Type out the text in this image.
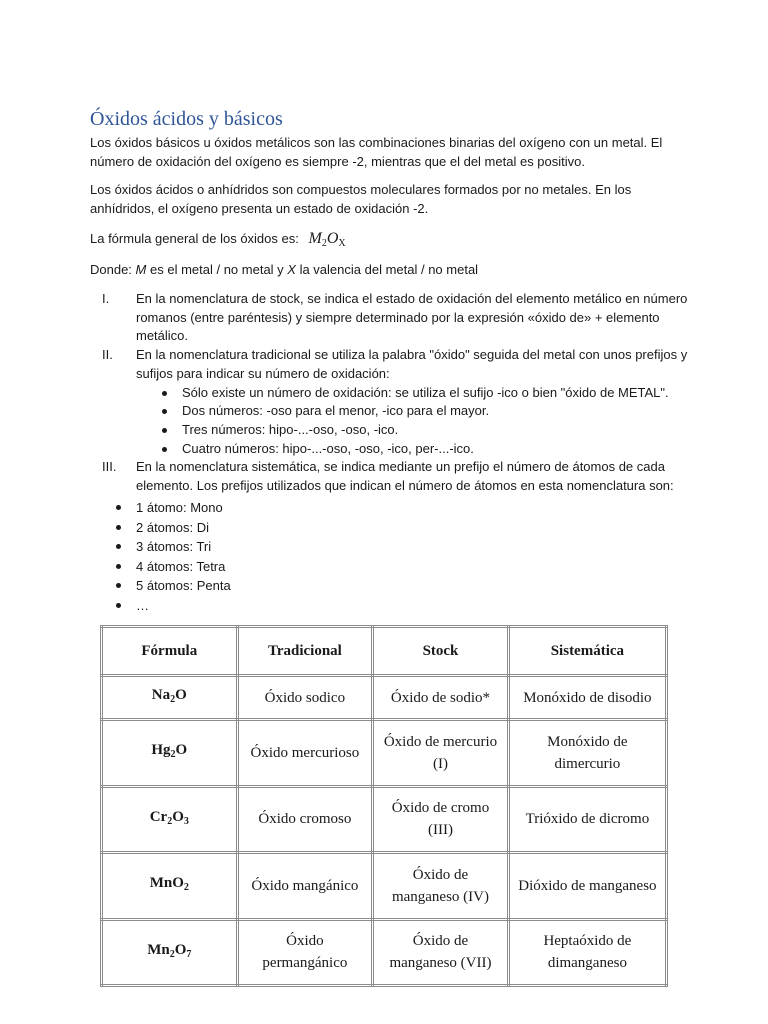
Óxidos ácidos y básicos

Los óxidos básicos u óxidos metálicos son las combinaciones binarias del oxígeno con un metal. El número de oxidación del oxígeno es siempre -2, mientras que el del metal es positivo.

Los óxidos ácidos o anhídridos son compuestos moleculares formados por no metales. En los anhídridos, el oxígeno presenta un estado de oxidación -2.

La fórmula general de los óxidos es: $M_2O_X$

Donde: M es el metal / no metal y X la valencia del metal / no metal

I.	En la nomenclatura de stock, se indica el estado de oxidación del elemento metálico en número romanos (entre paréntesis) y siempre determinado por la expresión «óxido de» + elemento metálico.
II.	En la nomenclatura tradicional se utiliza la palabra "óxido" seguida del metal con unos prefijos y sufijos para indicar su número de oxidación:
Sólo existe un número de oxidación: se utiliza el sufijo -ico o bien "óxido de METAL".
Dos números: -oso para el menor, -ico para el mayor.
Tres números: hipo-...-oso, -oso, -ico.
Cuatro números: hipo-...-oso, -oso, -ico, per-...-ico.
III.	En la nomenclatura sistemática, se indica mediante un prefijo el número de átomos de cada elemento. Los prefijos utilizados que indican el número de átomos en esta nomenclatura son:
1 átomo: Mono
2 átomos: Di
3 átomos: Tri
4 átomos: Tetra
5 átomos: Penta
…
Fórmula	Tradicional	Stock	Sistemática
$Na_2O$	Óxido sodico	Óxido de sodio*	Monóxido de disodio
$Hg_2O$	Óxido mercurioso	Óxido de mercurio (I)	Monóxido de dimercurio
$Cr_2O_3$	Óxido cromoso	Óxido de cromo (III)	Trióxido de dicromo
MnO$_2$	Óxido mangánico	Óxido de manganeso (IV)	Dióxido de manganeso
$Mn_2O_7$	Óxido permangánico	Óxido de manganeso (VII)	Heptaóxido de dimanganeso
